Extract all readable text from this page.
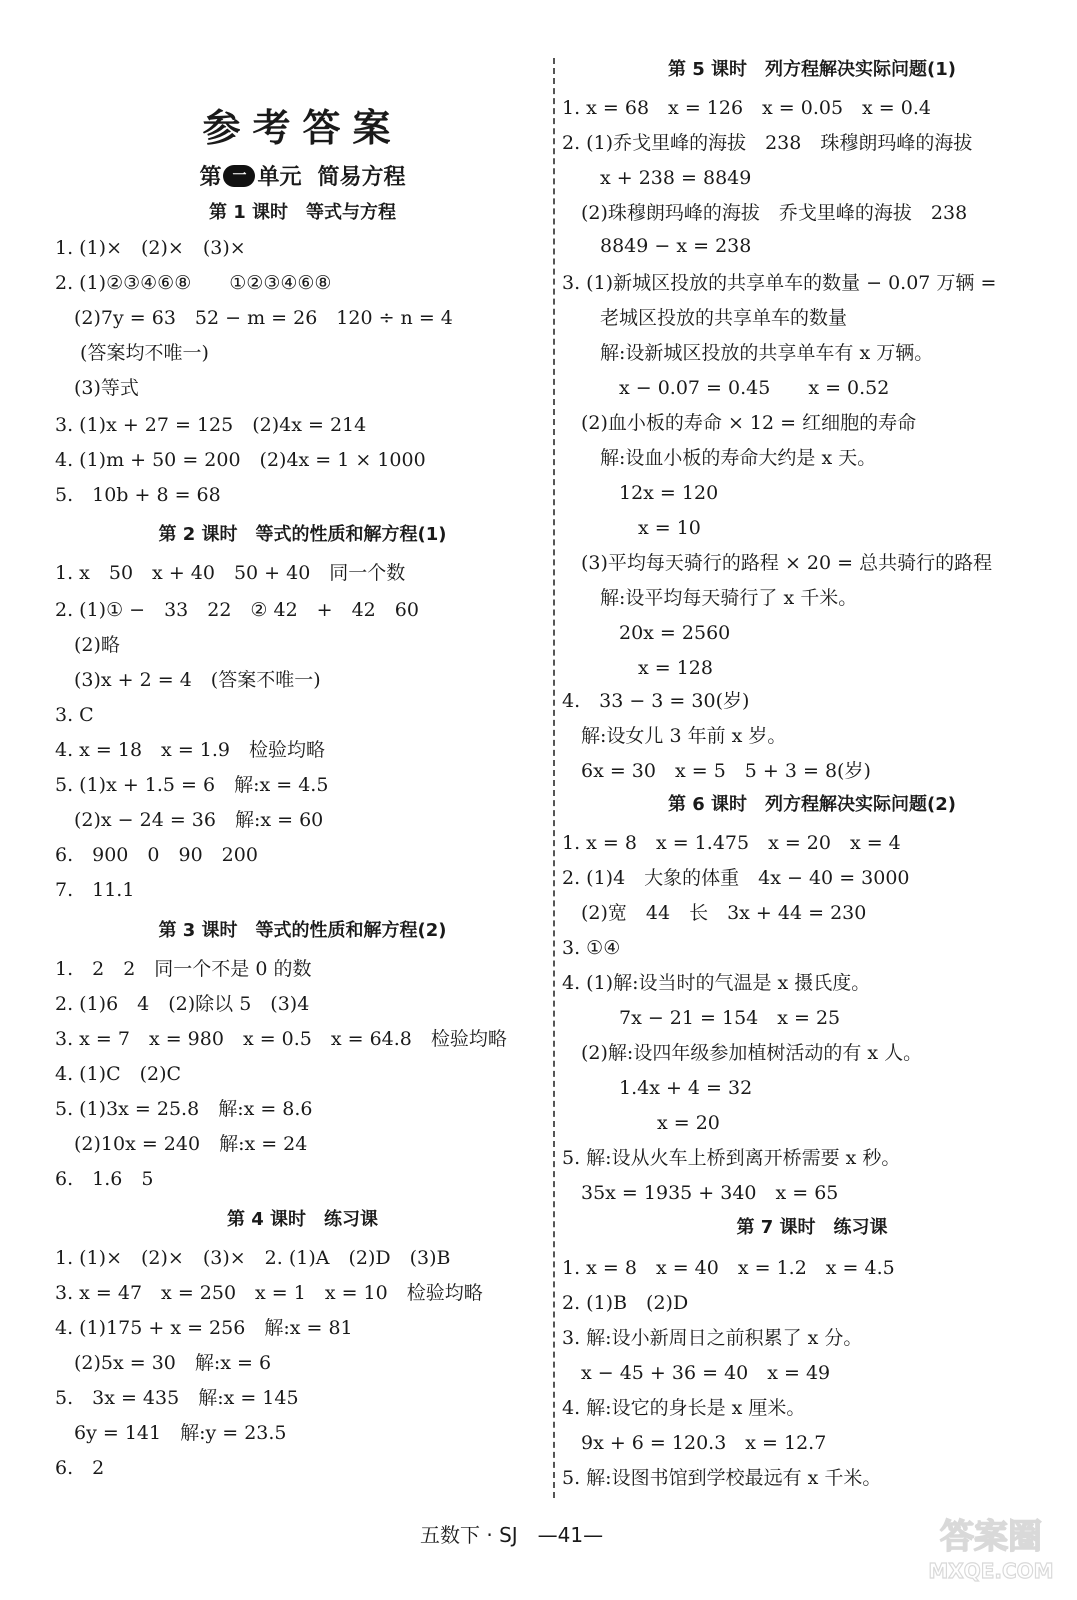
参考答案
第 一 单元 简易方程
第 1 课时　等式与方程
1. (1)×　(2)×　(3)×
2. (1)②③④⑥⑧　　①②③④⑥⑧
　(2)7y = 63　52 − m = 26　120 ÷ n = 4
　 (答案均不唯一)
　(3)等式
3. (1)x + 27 = 125　(2)4x = 214
4. (1)m + 50 = 200　(2)4x = 1 × 1000
5.　10b + 8 = 68
第 2 课时　等式的性质和解方程(1)
1. x　50　x + 40　50 + 40　同一个数
2. (1)① −　33　22　② 42　+　42　60
　(2)略
　(3)x + 2 = 4　(答案不唯一)
3. C
4. x = 18　x = 1.9　检验均略
5. (1)x + 1.5 = 6　解:x = 4.5
　(2)x − 24 = 36　解:x = 60
6.　900　0　90　200
7.　11.1
第 3 课时　等式的性质和解方程(2)
1.　2　2　同一个不是 0 的数
2. (1)6　4　(2)除以 5　(3)4
3. x = 7　x = 980　x = 0.5　x = 64.8　检验均略
4. (1)C　(2)C
5. (1)3x = 25.8　解:x = 8.6
　(2)10x = 240　解:x = 24
6.　1.6　5
第 4 课时　练习课
1. (1)×　(2)×　(3)×　2. (1)A　(2)D　(3)B
3. x = 47　x = 250　x = 1　x = 10　检验均略
4. (1)175 + x = 256　解:x = 81
　(2)5x = 30　解:x = 6
5.　3x = 435　解:x = 145
　6y = 141　解:y = 23.5
6.　2
第 5 课时　列方程解决实际问题(1)
1. x = 68　x = 126　x = 0.05　x = 0.4
2. (1)乔戈里峰的海拔　238　珠穆朗玛峰的海拔
　　x + 238 = 8849
　(2)珠穆朗玛峰的海拔　乔戈里峰的海拔　238
　　8849 − x = 238
3. (1)新城区投放的共享单车的数量 − 0.07 万辆 =
　　老城区投放的共享单车的数量
　　解:设新城区投放的共享单车有 x 万辆。
　　　x − 0.07 = 0.45　　x = 0.52
　(2)血小板的寿命 × 12 = 红细胞的寿命
　　解:设血小板的寿命大约是 x 天。
　　　12x = 120
　　　　x = 10
　(3)平均每天骑行的路程 × 20 = 总共骑行的路程
　　解:设平均每天骑行了 x 千米。
　　　20x = 2560
　　　　x = 128
4.　33 − 3 = 30(岁)
　解:设女儿 3 年前 x 岁。
　6x = 30　x = 5　5 + 3 = 8(岁)
第 6 课时　列方程解决实际问题(2)
1. x = 8　x = 1.475　x = 20　x = 4
2. (1)4　大象的体重　4x − 40 = 3000
　(2)宽　44　长　3x + 44 = 230
3. ①④
4. (1)解:设当时的气温是 x 摄氏度。
　　　7x − 21 = 154　x = 25
　(2)解:设四年级参加植树活动的有 x 人。
　　　1.4x + 4 = 32
　　　　　x = 20
5. 解:设从火车上桥到离开桥需要 x 秒。
　35x = 1935 + 340　x = 65
第 7 课时　练习课
1. x = 8　x = 40　x = 1.2　x = 4.5
2. (1)B　(2)D
3. 解:设小新周日之前积累了 x 分。
　x − 45 + 36 = 40　x = 49
4. 解:设它的身长是 x 厘米。
　9x + 6 = 120.3　x = 12.7
5. 解:设图书馆到学校最远有 x 千米。
五数下 · SJ　—41—	答案圈
MXQE.COM
